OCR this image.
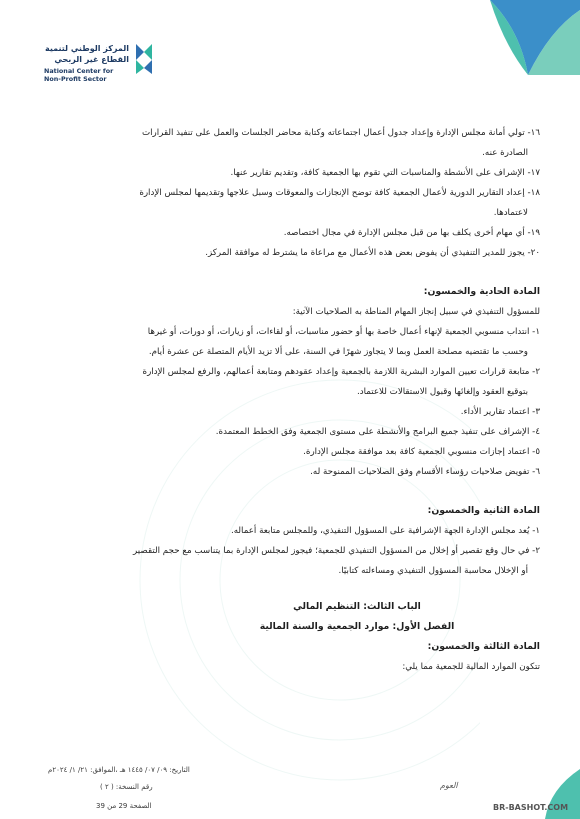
المركز الوطني لتنمية
القطاع غير الربحي
National Center for
Non-Profit Sector
١٦- تولي أمانة مجلس الإدارة وإعداد جدول أعمال اجتماعاته وكتابة محاضر الجلسات والعمل على تنفيذ القرارات
الصادرة عنه.
١٧- الإشراف على الأنشطة والمناسبات التي تقوم بها الجمعية كافة، وتقديم تقارير عنها.
١٨- إعداد التقارير الدورية لأعمال الجمعية كافة توضح الإنجازات والمعوقات وسبل علاجها وتقديمها لمجلس الإدارة
لاعتمادها.
١٩- أي مهام أخرى يكلف بها من قبل مجلس الإدارة في مجال اختصاصه.
٢٠- يجوز للمدير التنفيذي أن يفوض بعض هذه الأعمال مع مراعاة ما يشترط له موافقة المركز.
المادة الحادية والخمسون:
للمسؤول التنفيذي في سبيل إنجاز المهام المناطة به الصلاحيات الآتية:
١- انتداب منسوبي الجمعية لإنهاء أعمال خاصة بها أو حضور مناسبات، أو لقاءات، أو زيارات، أو دورات، أو غيرها
وحسب ما تقتضيه مصلحة العمل وبما لا يتجاوز شهرًا في السنة، على ألا تزيد الأيام المتصلة عن عشرة أيام.
٢- متابعة قرارات تعيين الموارد البشرية اللازمة بالجمعية وإعداد عقودهم ومتابعة أعمالهم، والرفع لمجلس الإدارة
بتوقيع العقود وإلغائها وقبول الاستقالات للاعتماد.
٣- اعتماد تقارير الأداء.
٤- الإشراف على تنفيذ جميع البرامج والأنشطة على مستوى الجمعية وفق الخطط المعتمدة.
٥- اعتماد إجازات منسوبي الجمعية كافة بعد موافقة مجلس الإدارة.
٦- تفويض صلاحيات رؤساء الأقسام وفق الصلاحيات الممنوحة له.
المادة الثانية والخمسون:
١- يُعد مجلس الإدارة الجهة الإشرافية على المسؤول التنفيذي، وللمجلس متابعة أعماله.
٢- في حال وقع تقصير أو إخلال من المسؤول التنفيذي للجمعية؛ فيجوز لمجلس الإدارة بما يتناسب مع حجم التقصير
أو الإخلال محاسبة المسؤول التنفيذي ومساءلته كتابيًا.
الباب الثالث: التنظيم المالي
الفصل الأول: موارد الجمعية والسنة المالية
المادة الثالثة والخمسون:
تتكون الموارد المالية للجمعية مما يلي:
التاريخ: ٠٩/ ٠٧/ ١٤٤٥ هـ ،الموافق: ٢١/ ١/ ٢٠٢٤م
رقم النسخة: ( ٢ )
الصفحة 29 من 39
العوم
BR-BASHOT.COM
